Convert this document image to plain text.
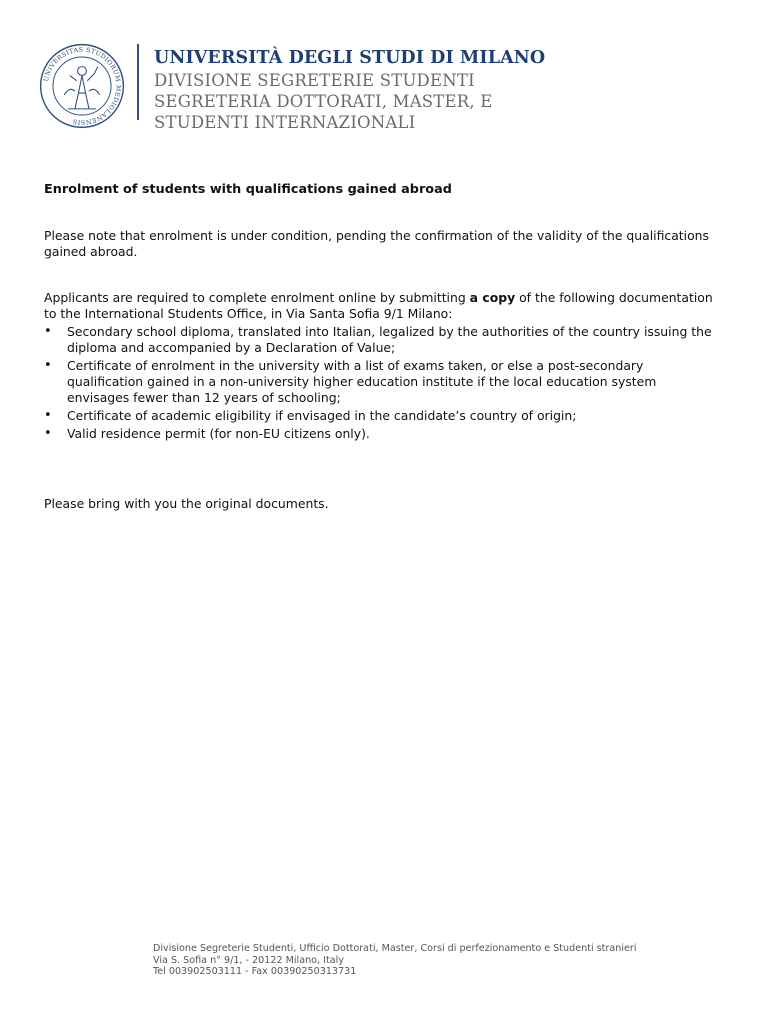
UNIVERSITAS STUDIORUM MEDIOLANENSIS
UNIVERSITÀ DEGLI STUDI DI MILANO
DIVISIONE SEGRETERIE STUDENTI
SEGRETERIA DOTTORATI, MASTER, E
STUDENTI INTERNAZIONALI

Enrolment of students with qualifications gained abroad

Please note that enrolment is under condition, pending the confirmation of the validity of the qualifications gained abroad.

Applicants are required to complete enrolment online by submitting a copy of the following documentation to the International Students Office, in Via Santa Sofia 9/1 Milano:

• Secondary school diploma, translated into Italian, legalized by the authorities of the country issuing the diploma and accompanied by a Declaration of Value;
• Certificate of enrolment in the university with a list of exams taken, or else a post-secondary qualification gained in a non-university higher education institute if the local education system envisages fewer than 12 years of schooling;
• Certificate of academic eligibility if envisaged in the candidate’s country of origin;
• Valid residence permit (for non-EU citizens only).

Please bring with you the original documents.

Divisione Segreterie Studenti, Ufficio Dottorati, Master, Corsi di perfezionamento e Studenti stranieri
Via S. Sofia n° 9/1, - 20122 Milano, Italy
Tel 003902503111 - Fax 00390250313731
